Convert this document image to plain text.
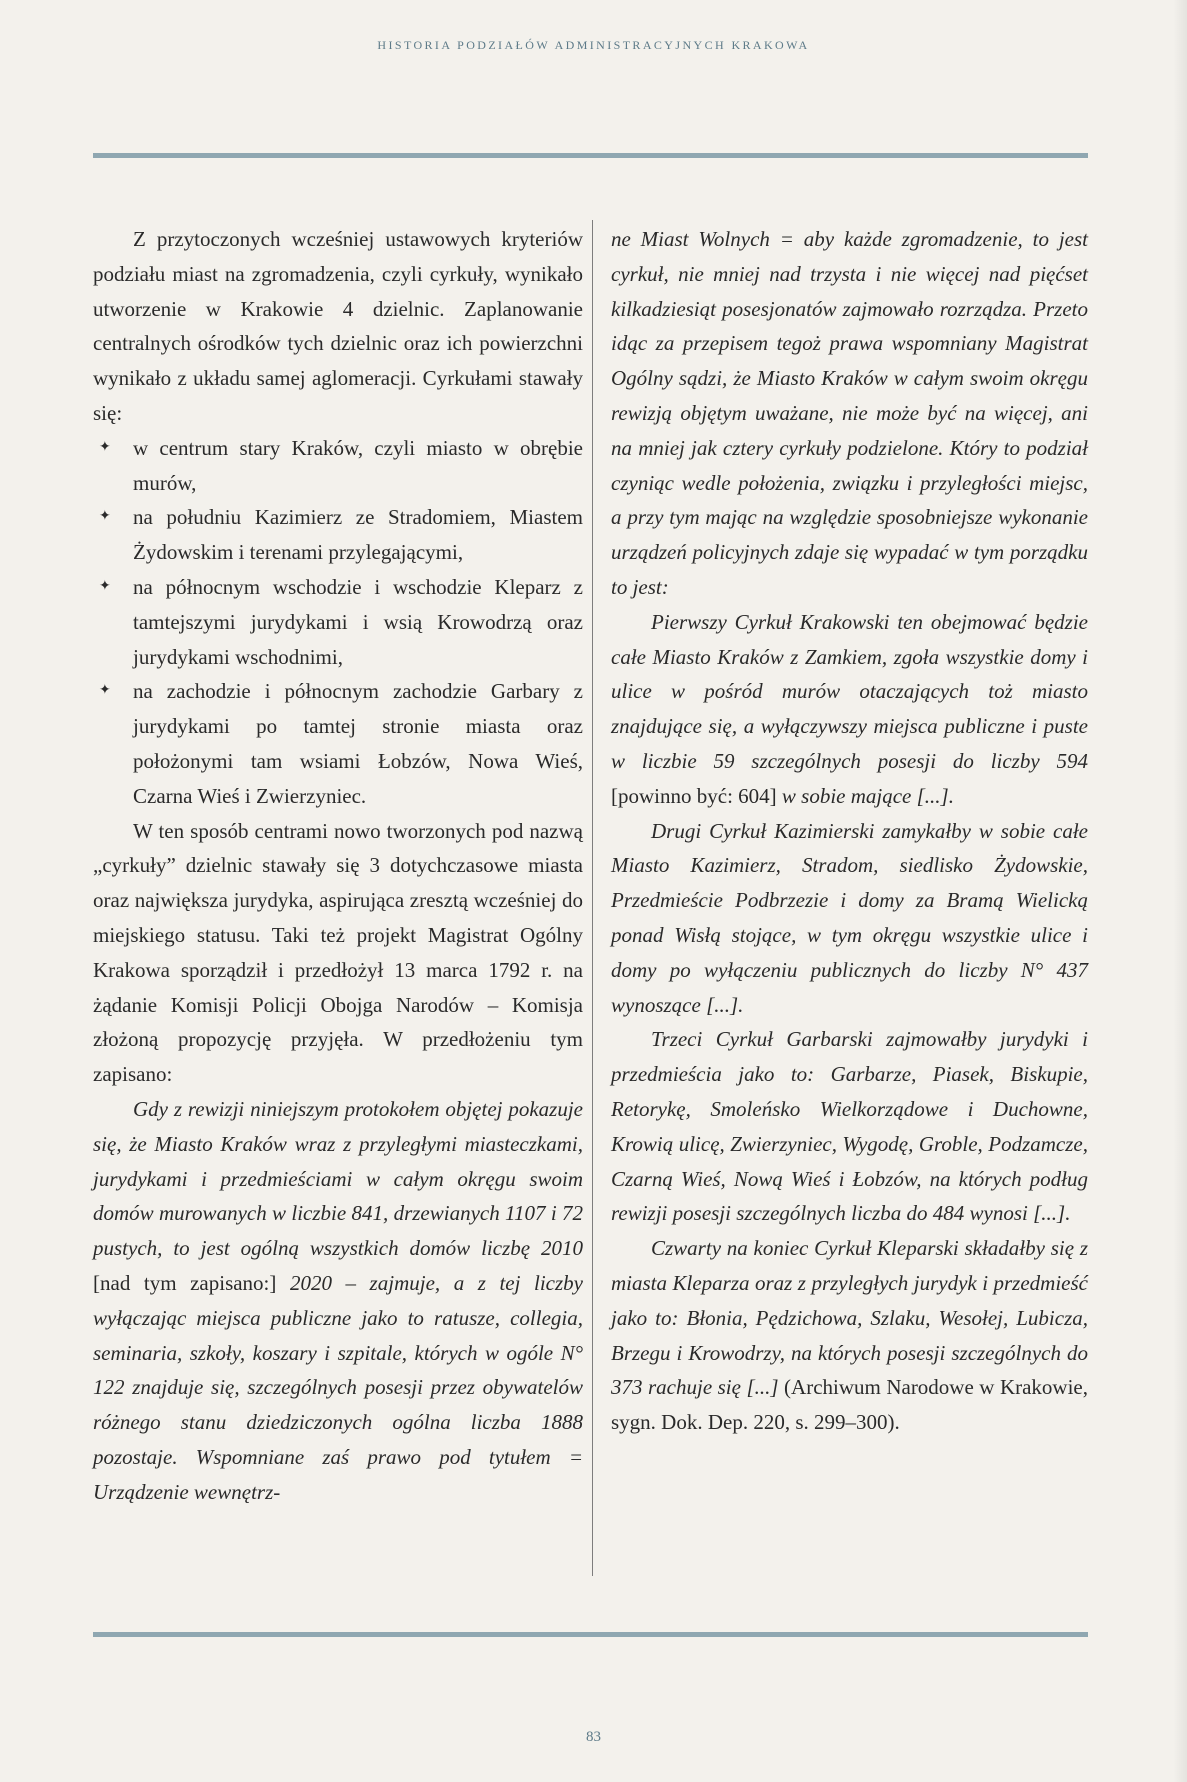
HISTORIA PODZIAŁÓW ADMINISTRACYJNYCH KRAKOWA

Z przytoczonych wcześniej ustawowych kryteriów podziału miast na zgromadzenia, czyli cyrkuły, wynikało utworzenie w Krakowie 4 dzielnic. Zaplanowanie centralnych ośrodków tych dzielnic oraz ich powierzchni wynikało z układu samej aglomeracji. Cyrkułami stawały się:

✦ w centrum stary Kraków, czyli miasto w obrębie murów,
✦ na południu Kazimierz ze Stradomiem, Miastem Żydowskim i terenami przylegającymi,
✦ na północnym wschodzie i wschodzie Kleparz z tamtejszymi jurydykami i wsią Krowodrzą oraz jurydykami wschodnimi,
✦ na zachodzie i północnym zachodzie Garbary z jurydykami po tamtej stronie miasta oraz położonymi tam wsiami Łobzów, Nowa Wieś, Czarna Wieś i Zwierzyniec.

W ten sposób centrami nowo tworzonych pod nazwą „cyrkuły” dzielnic stawały się 3 dotychczasowe miasta oraz największa jurydyka, aspirująca zresztą wcześniej do miejskiego statusu. Taki też projekt Magistrat Ogólny Krakowa sporządził i przedłożył 13 marca 1792 r. na żądanie Komisji Policji Obojga Narodów – Komisja złożoną propozycję przyjęła. W przedłożeniu tym zapisano:

Gdy z rewizji niniejszym protokołem objętej pokazuje się, że Miasto Kraków wraz z przyległymi miasteczkami, jurydykami i przedmieściami w całym okręgu swoim domów murowanych w liczbie 841, drzewianych 1107 i 72 pustych, to jest ogólną wszystkich domów liczbę 2010 [nad tym zapisano:] 2020 – zajmuje, a z tej liczby wyłączając miejsca publiczne jako to ratusze, collegia, seminaria, szkoły, koszary i szpitale, których w ogóle N° 122 znajduje się, szczególnych posesji przez obywatelów różnego stanu dziedziczonych ogólna liczba 1888 pozostaje. Wspomniane zaś prawo pod tytułem = Urządzenie wewnętrz-

ne Miast Wolnych = aby każde zgromadzenie, to jest cyrkuł, nie mniej nad trzysta i nie więcej nad pięćset kilkadziesiąt posesjonatów zajmowało rozrządza. Przeto idąc za przepisem tegoż prawa wspomniany Magistrat Ogólny sądzi, że Miasto Kraków w całym swoim okręgu rewizją objętym uważane, nie może być na więcej, ani na mniej jak cztery cyrkuły podzielone. Który to podział czyniąc wedle położenia, związku i przyległości miejsc, a przy tym mając na względzie sposobniejsze wykonanie urządzeń policyjnych zdaje się wypadać w tym porządku to jest:

Pierwszy Cyrkuł Krakowski ten obejmować będzie całe Miasto Kraków z Zamkiem, zgoła wszystkie domy i ulice w pośród murów otaczających toż miasto znajdujące się, a wyłączywszy miejsca publiczne i puste w liczbie 59 szczególnych posesji do liczby 594 [powinno być: 604] w sobie mające [...].

Drugi Cyrkuł Kazimierski zamykałby w sobie całe Miasto Kazimierz, Stradom, siedlisko Żydowskie, Przedmieście Podbrzezie i domy za Bramą Wielicką ponad Wisłą stojące, w tym okręgu wszystkie ulice i domy po wyłączeniu publicznych do liczby N° 437 wynoszące [...].

Trzeci Cyrkuł Garbarski zajmowałby jurydyki i przedmieścia jako to: Garbarze, Piasek, Biskupie, Retorykę, Smoleńsko Wielkorządowe i Duchowne, Krowią ulicę, Zwierzyniec, Wygodę, Groble, Podzamcze, Czarną Wieś, Nową Wieś i Łobzów, na których podług rewizji posesji szczególnych liczba do 484 wynosi [...].

Czwarty na koniec Cyrkuł Kleparski składałby się z miasta Kleparza oraz z przyległych jurydyk i przedmieść jako to: Błonia, Pędzichowa, Szlaku, Wesołej, Lubicza, Brzegu i Krowodrzy, na których posesji szczególnych do 373 rachuje się [...] (Archiwum Narodowe w Krakowie, sygn. Dok. Dep. 220, s. 299–300).

83
